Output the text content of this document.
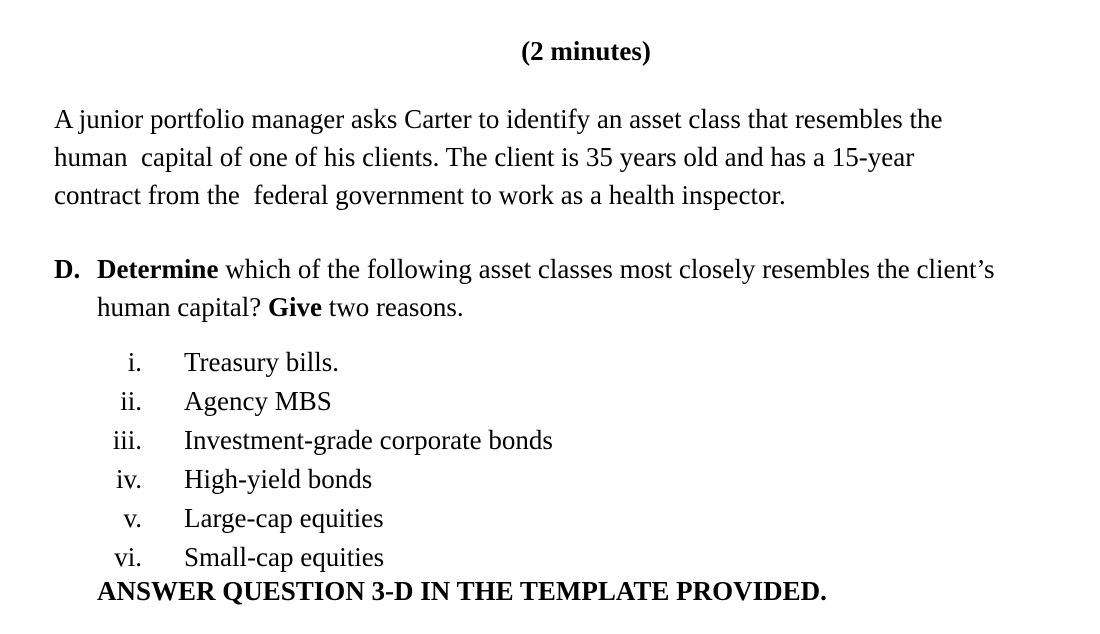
(2 minutes)

A junior portfolio manager asks Carter to identify an asset class that resembles the
human  capital of one of his clients. The client is 35 years old and has a 15-year
contract from the  federal government to work as a health inspector.

D. Determine which of the following asset classes most closely resembles the client’s
human capital? Give two reasons.
i. Treasury bills.
ii. Agency MBS
iii. Investment-grade corporate bonds
iv. High-yield bonds
v. Large-cap equities
vi. Small-cap equities
ANSWER QUESTION 3-D IN THE TEMPLATE PROVIDED.
